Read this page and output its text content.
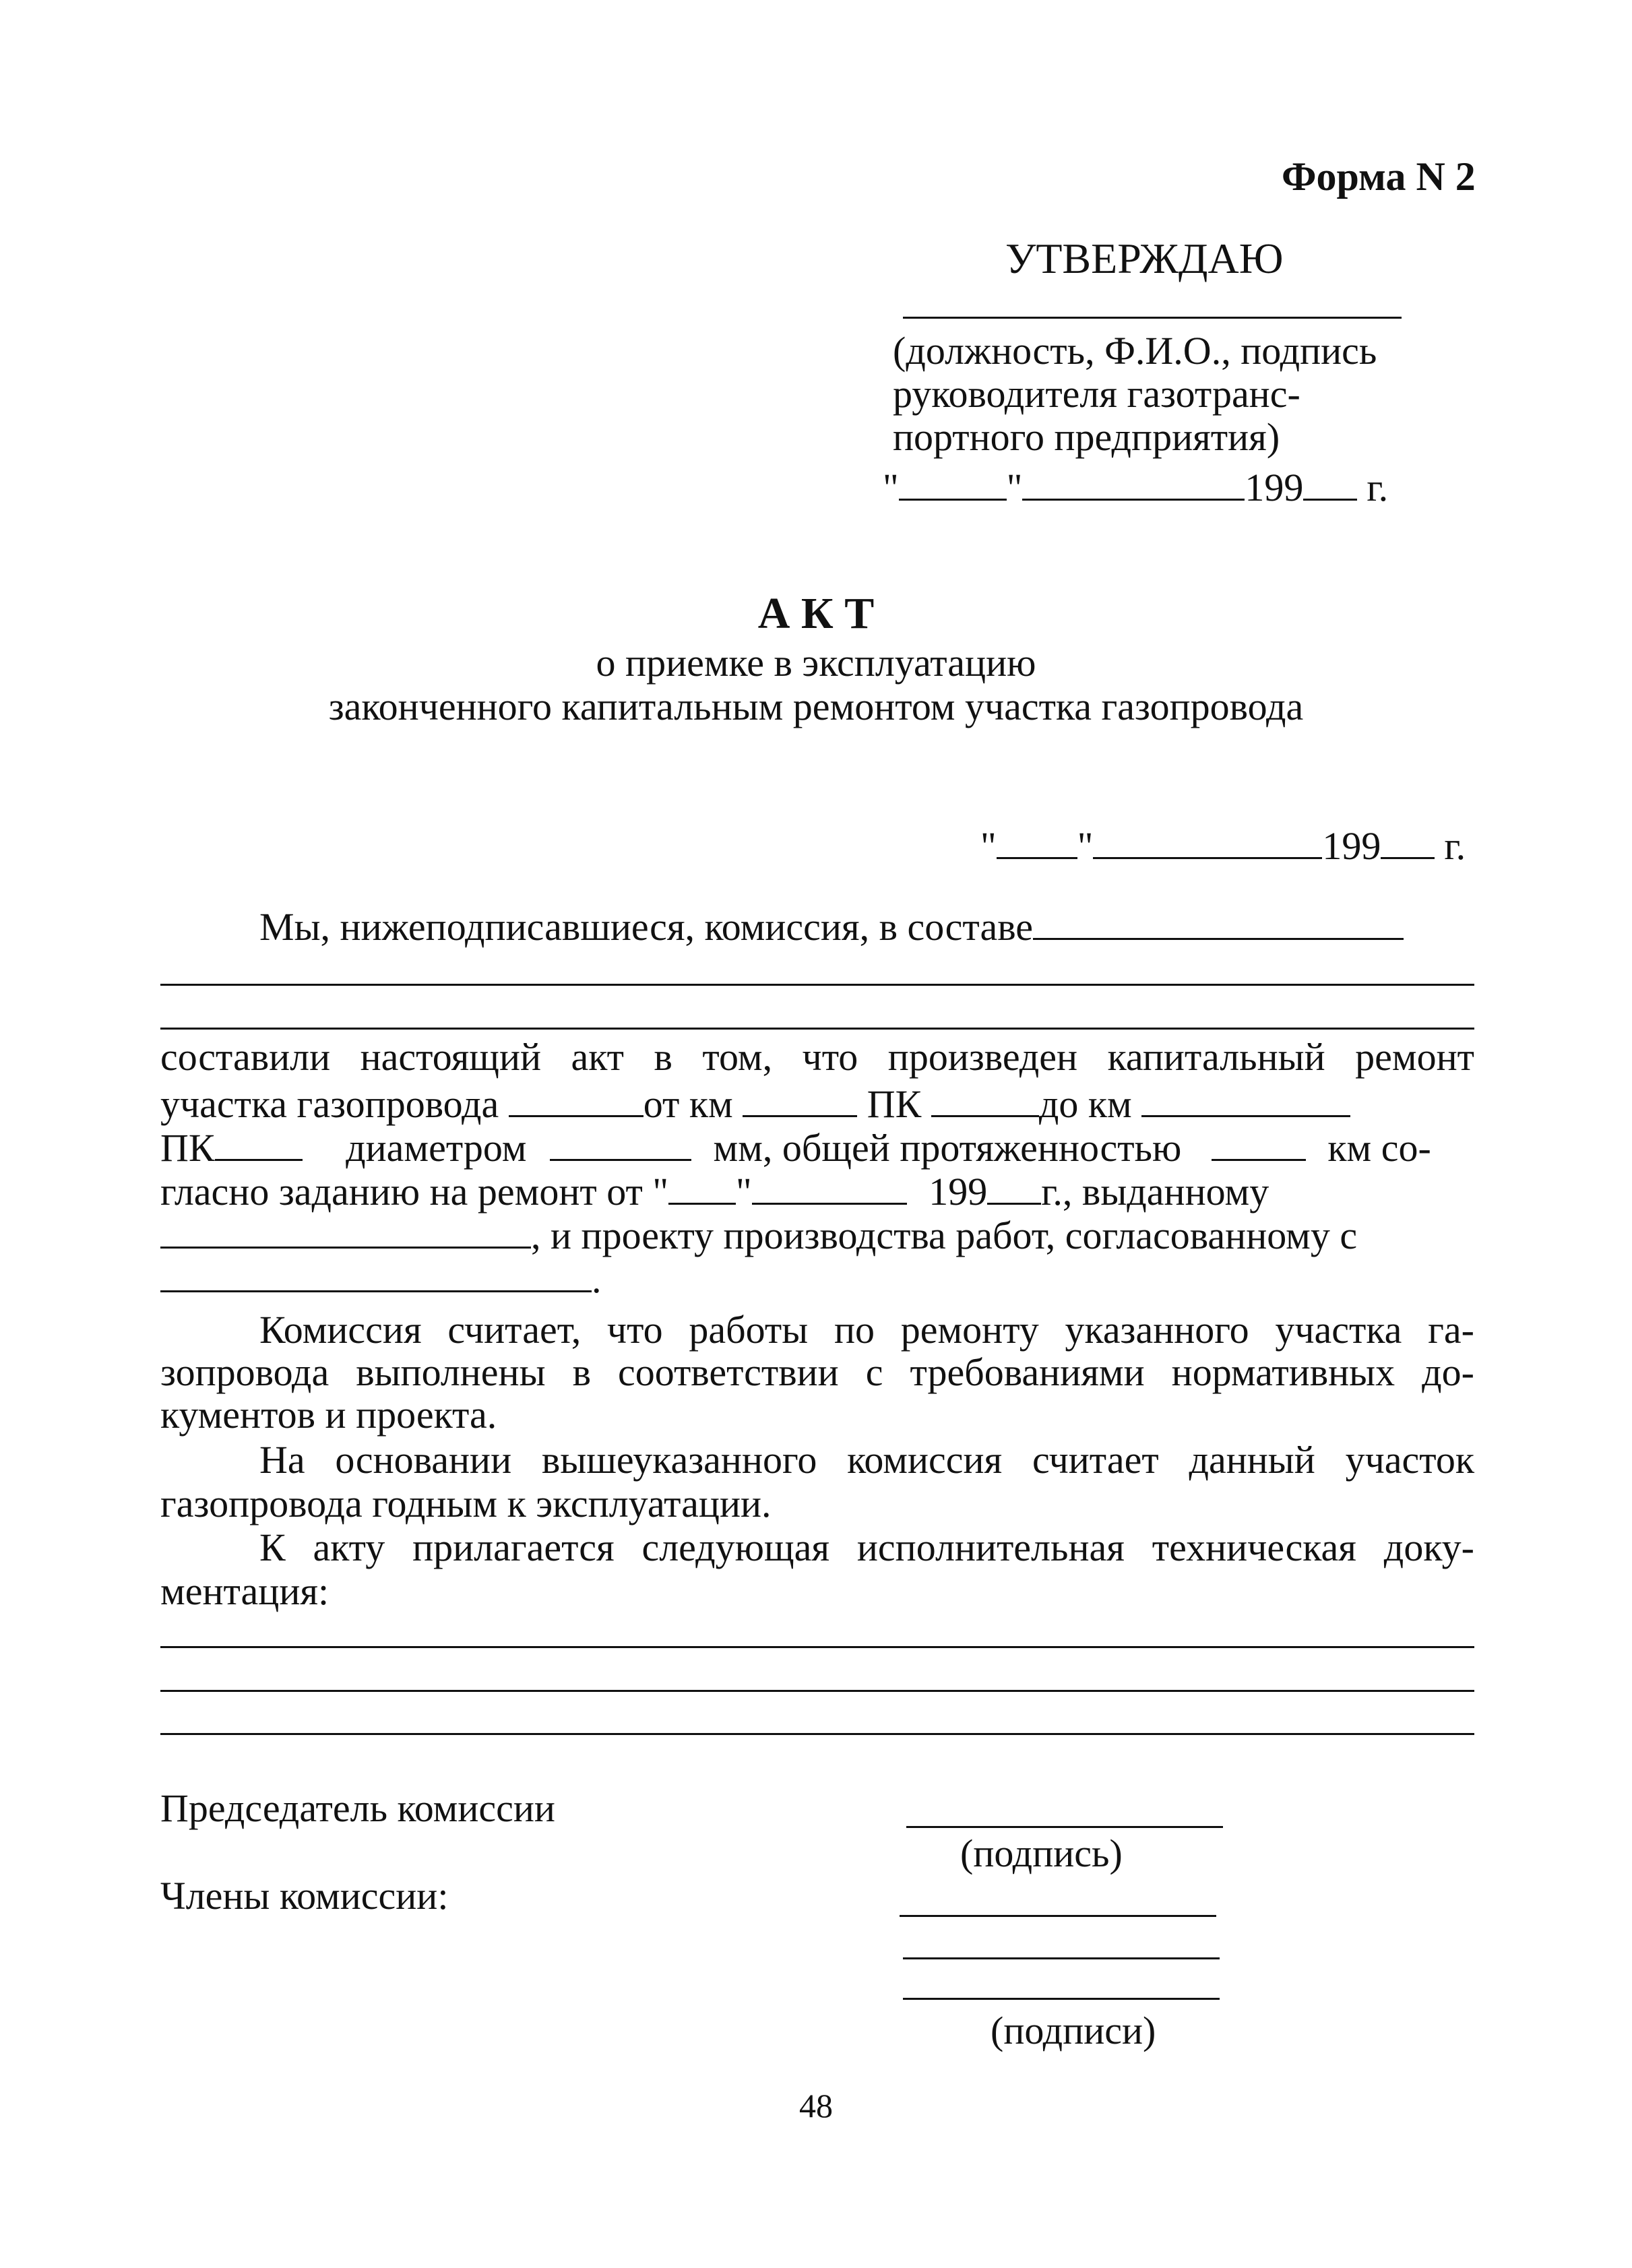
Форма N 2
УТВЕРЖДАЮ
(должность, Ф.И.О., подпись
руководителя газотранс-
портного предприятия)
"	"	199 г.
А К Т
о приемке в эксплуатацию
законченного капитальным ремонтом участка газопровода
" "	199 г.
Мы, нижеподписавшиеся, комиссия, в составе
составили настоящий акт в том, что произведен капитальный ремонт
участка газопровода	от км	ПК	до км
ПК	диаметром	мм, общей протяженностью	км со-
гласно заданию на ремонт от " "	199 г., выданному
, и проекту производства работ, согласованному с
.
Комиссия считает, что работы по ремонту указанного участка га-
зопровода выполнены в соответствии с требованиями нормативных до-
кументов и проекта.
На основании вышеуказанного комиссия считает данный участок
газопровода годным к эксплуатации.
К акту прилагается следующая исполнительная техническая доку-
ментация:
Председатель комиссии
(подпись)
Члены комиссии:
(подписи)
48
